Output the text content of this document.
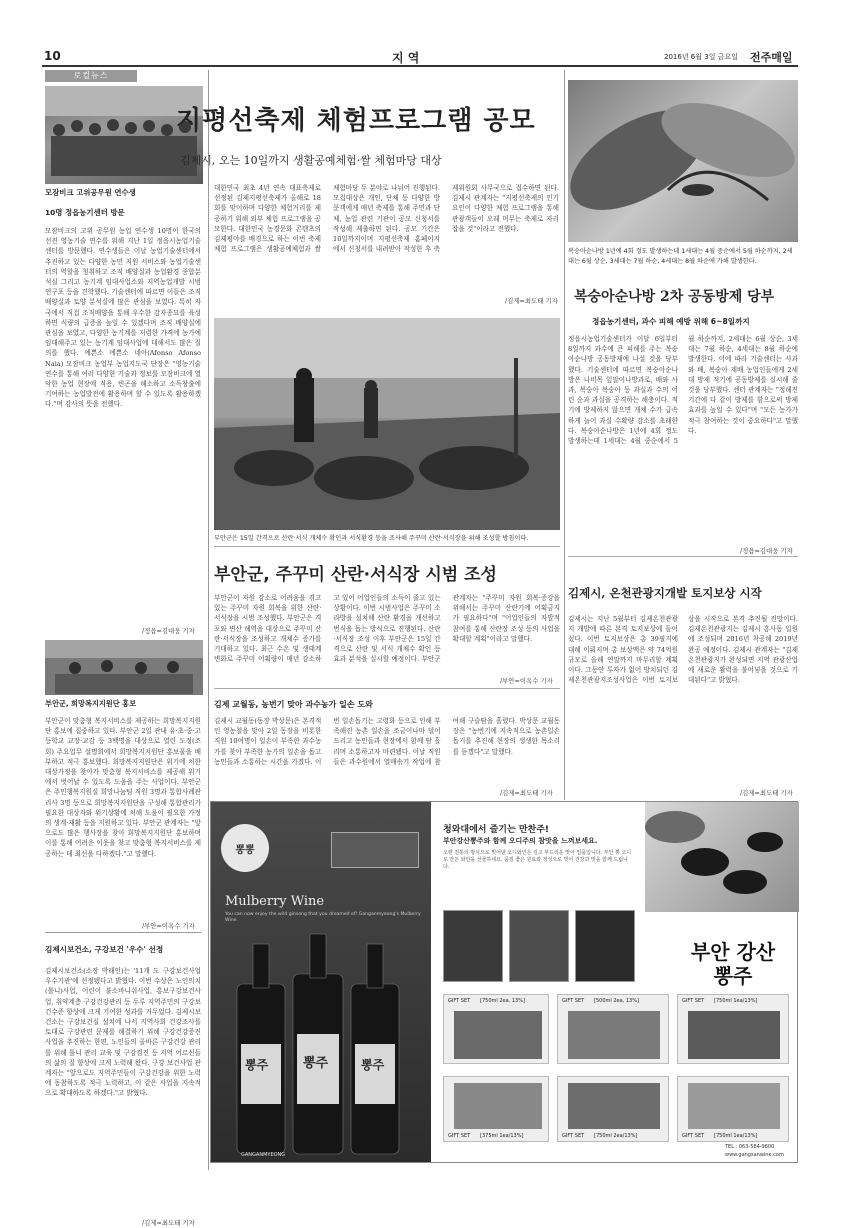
10	지 역	2016년 6월 3일 금요일 전주매일
로컬뉴스
모잠비크 고위공무원 연수생
10명 정읍농기센터 방문
모잠비크의 고위 공무원 농업 연수생 10명이 한국의 선진 영농기술 연수를 위해 지난 1일 정읍시농업기술센터를 방문했다. 연수생들은 이날 농업기술센터에서 추진하고 있는 다양한 농민 지원 서비스와 농업기술센터의 역할을 청취하고 조직 배양실과 농업환경 종합분석실 그리고 농기계 임대사업소와 지역농업개발 시범 연구포 등을 견학했다. 기술센터에 따르면 이들은 조직 배양실과 토양 분석실에 많은 관심을 보였다. 특히 자국에서 직접 조직배양을 통해 우수한 감자종묘를 육성하면 식량의 급증을 높일 수 있겠다며 조직 배양실에 관심을 보였고, 다양한 농기계를 저렴한 가격에 농가에 임대해주고 있는 농기계 임대사업에 대해서도 많은 질의를 했다. 에쁜소 에쁜소 네아(Afonso Afonso Naia) 모잠비크 농업부 농업지도국 단장은 "영농기술연수를 통해 여러 다양한 기술과 정보를 모잠비크에 열악한 농업 현장에 적용, 빈곤을 해소하고 소득창출에 기여하는 농업발전에 활용하며 할 수 있도록 활용하겠다."며 감사의 뜻을 전했다.
/정읍=김대웅 기자
부안군, 희망복지지원단 홍보
부안군이 맞춤형 복지서비스를 제공하는 희망복지지원단 홍보에 집중하고 있다. 부안군 2일 관내 유·초·중·고등학교 교장·교감 등 3백명을 대상으로 열린 도정(조회) 주요업무 설명회에서 희망복지지원단 홍보물을 배부하고 적극 홍보했다. 희망복지지원단은 위기에 처한 대상가정을 찾아가 맞춤형 복지서비스를 제공해 위기에서 벗어날 수 있도록 도움을 주는 사업이다. 부안군은 주민행복지원실 희망나눔팀 직원 3명과 통합사례관리사 3명 등으로 희망복지지원단을 구성해 통합관리가 필요한 대상자와 위기상황에 처해 도움이 필요한 가정의 생계·재활 등을 지원하고 있다. 부안군 관계자는 "앞으로도 많은 행사장을 찾아 희망복지지원단 홍보하며 이를 통해 어려운 이웃을 찾고 맞춤형 복지서비스를 제공하는 데 최선을 다하겠다."고 말했다.
/부안=이옥수 기자
김제시보건소, 구강보건 '우수' 선정
김제시보건소(소장 박래인)는 '11개 도 구강보건사업 우수기관'에 선정됐다고 밝혔다. 이번 수상은 노인의치(틀니)사업, 어린이 불소바니쉬사업, 홍보구강보건사업, 취약계층 구강건강관리 등 두루 지역주민의 구강보건수준 향상에 크게 기여한 성과를 거두었다. 김제시보건소는 구강보건실 설치에 나서 지역사회 건강조사를 토대로 구강관련 문제를 해결하기 위해 구강건강증진사업을 추진하는 한편, 노인들의 올바른 구강건강 관리를 위해 틀니 관리 교육 및 구강검진 등 지역 어르신들의 삶의 질 향상에 크게 노력해 왔다. 구강 보건사업 관계자는 "앞으로도 지역주민들이 구강건강을 위한 노력에 동참하도록 적극 노력하고, 이 같은 사업을 지속적으로 확대하도록 하겠다."고 밝혔다.
/김제=최도태 기자
지평선축제 체험프로그램 공모
김제시, 오는 10일까지 생활공예체험·쌀 체험마당 대상
대한민국 최초 4년 연속 대표축제로 선정된 김제지평선축제가 올해로 18회를 맞이하며 다양한 체험거리를 제공하기 위해 외부 체험 프로그램을 공모한다. 대한민국 농경문화 콘텐츠의 김제평야를 배경으로 하는 이번 축제 체험 프로그램은 생활공예체험과 쌀 체험마당 두 분야로 나뉘어 진행된다. 모집대상은 개인, 단체 등 다양한 방문객에게 매년 축제를 통해 주민과 단체, 농업 관련 기관이 공모 신청서를 작성해 제출하면 된다. 공모 기간은 10일까지이며 지평선축제 홈페이지에서 신청서를 내려받아 작성한 후 축제위원회 사무국으로 접수하면 된다. 김제시 관계자는 "지평선축제의 인기 요인이 다양한 체험 프로그램을 통해 관광객들이 오래 머무는 축제로 자리잡을 것"이라고 전했다.
/김제=최도태 기자
부안군은 15일 간격으로 산란·서식 개체수 확인과 서식환경 등을 조사해 주꾸미 산란·서식장을 위해 조성할 방침이다.
부안군, 주꾸미 산란·서식장 시범 조성
부안군이 자원 감소로 어려움을 겪고 있는 주꾸미 자원 회복을 위한 산란·서식장을 시범 조성했다. 부안군은 격포와 변산 해역을 대상으로 주꾸미 산란·서식장을 조성하고 개체수 증가를 기대하고 있다. 최근 수온 및 생태계 변화로 주꾸미 어획량이 매년 감소하고 있어 어업인들의 소득이 줄고 있는 상황이다. 이번 시범사업은 주꾸미 소라방을 설치해 산란 환경을 개선하고 번식을 돕는 방식으로 진행된다. 산란·서식장 조성 이후 부안군은 15일 간격으로 산란 및 서식 개체수 확인 등 효과 분석을 실시할 예정이다. 부안군 관계자는 "주꾸미 자원 회복·증강을 위해서는 주꾸미 산란기에 어획금지가 필요하다"며 "어업인들의 자발적 참여를 통해 산란장 조성 등의 사업을 확대할 계획"이라고 말했다.
/부안=이옥수 기자
김제 교월동, 농번기 맞아 과수농가 일손 도와
김제시 교월동(동장 박상문)은 본격적인 영농철을 맞아 2일 동장을 비롯한 직원 10여명이 일손이 부족한 과수농가를 찾아 부족한 농가의 일손을 돕고 농민들과 소통하는 시간을 가졌다. 이번 일손돕기는 고령화 등으로 인해 부족해진 농촌 일손을 조금이나마 덜어드리고 농민들과 현장에서 함께 땀 흘리며 소통하고자 마련됐다. 이날 직원들은 과수원에서 열매솎기 작업에 참여해 구슬땀을 흘렸다. 박상문 교월동장은 "농번기에 지속적으로 농촌일손돕기를 추진해 현장의 생생한 목소리를 듣겠다"고 말했다.
/김제=최도태 기자
복숭아순나방 1년에 4회 정도 발생하는데 1세대는 4월 중순에서 5월 하순까지, 2세대는 6월 상순, 3세대는 7월 하순, 4세대는 8월 하순에 가해 발생한다.
복숭아순나방 2차 공동방제 당부
정읍농기센터, 과수 피해 예방 위해 6~8일까지
정읍시농업기술센터가 이달 6일부터 8일까지 과수에 큰 피해를 주는 복숭아순나방 공동방제에 나설 것을 당부했다. 기술센터에 따르면 복숭아순나방은 나비목 잎말이나방과로, 배와 사과, 복숭아 복숭아 등 과실과 수의 어린 순과 과실을 공격하는 해충이다. 적기에 방제하지 않으면 개체 수가 급속하게 늘어 과실 수확량 감소를 초래한다. 복숭아순나방은 1년에 4회 정도 발생하는데 1세대는 4월 중순에서 5월 하순까지, 2세대는 6월 상순, 3세대는 7월 하순, 4세대는 8월 하순에 발생한다. 이에 따라 기술센터는 사과와 배, 복숭아 재배 농업인들에게 2세대 방제 적기에 공동방제를 실시해 줄 것을 당부했다. 센터 관계자는 "정해진 기간에 다 같이 방제를 함으로써 방제 효과를 높일 수 있다"며 "모든 농가가 적극 참여하는 것이 중요하다"고 말했다.
/정읍=김대웅 기자
김제시, 온천관광지개발 토지보상 시작
김제시는 지난 5월부터 김제온천관광지 개발에 따른 본격 토지보상에 들어섰다. 이번 토지보상은 총 39필지에 대해 이뤄지며 총 보상액은 약 74억원 규모로 올해 연말까지 마무리할 계획이다. 그동안 투자가 없어 방치되던 김제온천관광지조성사업은 이번 토지보상을 시작으로 본격 추진될 전망이다. 김제온천관광지는 김제시 흥사동 일원에 조성되며 2016년 착공해 2019년 완공 예정이다. 김제시 관계자는 "김제온천관광지가 완성되면 지역 관광산업에 새로운 활력을 불어넣을 것으로 기대된다"고 밝혔다.
/김제=최도태 기자
뽕뽕
Mulberry Wine
You can now enjoy the wild ginseng that you dreamed of! Ganganmyeong's Mulberry Wine.
뽕주	뽕주	뽕주
청와대에서 즐기는 만찬주!
부안강산뽕주와 함께 오디주의 참맛을 느껴보세요.
오랜 전통의 방식으로 빚어낸 오디와인은 깊고 부드러운 맛이 일품입니다. 부안 뽕 오디로 만든 와인을 선물하세요. 품질 좋은 원료와 정성으로 빚어 건강과 맛을 함께 드립니다.
부안 강산 뽕주
GIFT SET [750ml 2ea, 13%]	GIFT SET [500ml 2ea, 13%]	GIFT SET [750ml 1ea/13%]
GIFT SET [375ml 1ea/13%]	GIFT SET [750ml 2ea/13%]	GIFT SET [750ml 1ea/13%]
GANGANMYEONG
TEL : 063-584-9600
www.gangsanwine.com
